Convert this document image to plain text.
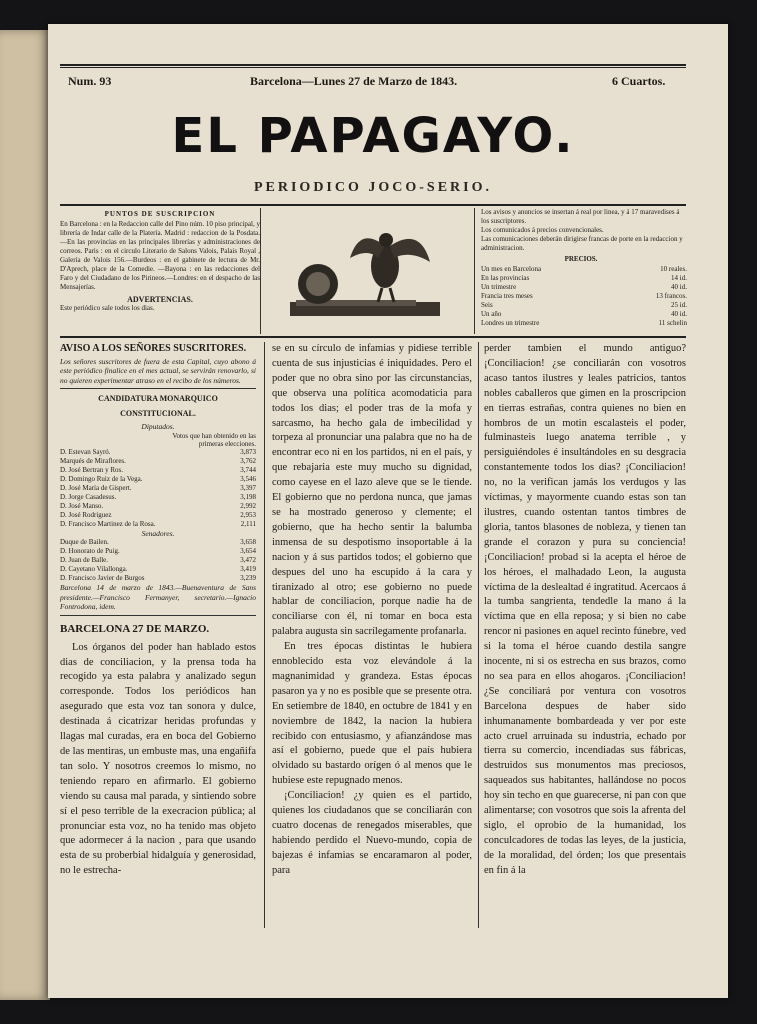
Num. 93	Barcelona—Lunes 27 de Marzo de 1843.	6 Cuartos.
EL PAPAGAYO.
PERIODICO JOCO-SERIO.
PUNTOS DE SUSCRIPCION

En Barcelona : en la Redaccion calle del Pino núm. 10 piso principal, y librería de Indar calle de la Platería. Madrid : redaccion de la Posdata.—En las provincias en las principales librerías y administraciones de correos. Paris : en el circulo Literario de Salons Valois, Palais Royal , Galería de Valois 156.—Burdeos : en el gabinete de lectura de Mr. D'Aprech, place de la Comedie. —Bayona : en las redacciones del Faro y del Ciudadano de los Pirineos.—Londres: en el despacho de las Mensajerías.

ADVERTENCIAS.

Este periódico sale todos los dias.

Los avisos y anuncios se insertan á real por linea, y á 17 maravedises á los suscriptores.

Los comunicados á precios convencionales.

Las comunicaciones deberán dirigirse francas de porte en la redaccion y administracion.

PRECIOS.
Un mes en Barcelona	10 reales.
En las provincias	14 id.
Un trimestre	40 id.
Francia tres meses	13 francos.
Seis	25 id.
Un año	40 id.
Londres un trimestre	11 schelin
AVISO A LOS SEÑORES SUSCRITORES.
Los señores suscritores de fuera de esta Capital, cuyo abono á este periódico finalice en el mes actual, se servirán renovarlo, si no quieren experimentar atraso en el recibo de los números.
CANDIDATURA MONARQUICO CONSTITUCIONAL.
Diputados.
Votos que han obtenido en las primeras elecciones.
D. Estevan Sayró.	3,873
Marqués de Miraflores.	3,762
D. José Bertran y Ros.	3,744
D. Domingo Ruiz de la Vega.	3,546
D. José María de Gispert.	3,397
D. Jorge Casadesus.	3,198
D. José Manso.	2,992
D. José Rodriguez	2,953
D. Francisco Martinez de la Rosa.	2,111
Senadores.
Duque de Bailen.	3,658
D. Honorato de Puig.	3,654
D. Juan de Balle.	3,472
D. Cayetano Vilallonga.	3,419
D. Francisco Javier de Burgos	3,239
Barcelona 14 de marzo de 1843.—Buenaventura de Sans presidente.—Francisco Fermanyer, secretario.—Ignacio Fontrodona, idem.
BARCELONA 27 DE MARZO.

Los órganos del poder han hablado estos dias de conciliacion, y la prensa toda ha recogido ya esta palabra y analizado segun corresponde. Todos los periódicos han asegurado que esta voz tan sonora y dulce, destinada á cicatrizar heridas profundas y llagas mal curadas, era en boca del Gobierno de las mentiras, un embuste mas, una engañifa tan solo. Y nosotros creemos lo mismo, no teniendo reparo en afirmarlo. El gobierno viendo su causa mal parada, y sintiendo sobre sí el peso terrible de la execracion pública; al pronunciar esta voz, no ha tenido mas objeto que adormecer á la nacion , para que usando esta de su proberbial hidalguía y generosidad, no le estrecha-

se en su círculo de infamias y pidiese terrible cuenta de sus injusticias é iniquidades. Pero el poder que no obra sino por las circunstancias, que observa una política acomodaticia para todos los dias; el poder tras de la mofa y sarcasmo, ha hecho gala de imbecilidad y torpeza al pronunciar una palabra que no ha de encontrar eco ni en los partidos, ni en el país, y que rebajaria este muy mucho su dignidad, como cayese en el lazo aleve que se le tiende. El gobierno que no perdona nunca, que jamas se ha mostrado generoso y clemente; el gobierno, que ha hecho sentir la balumba inmensa de su despotismo insoportable á la nacion y á sus partidos todos; el gobierno que despues del uno ha escupido á la cara y tiranizado al otro; ese gobierno no puede hablar de conciliacion, porque nadie ha de conciliarse con él, ni tomar en boca esta palabra augusta sin sacrílegamente profanarla.

En tres épocas distintas le hubiera ennoblecido esta voz elevándole á la magnanimidad y grandeza. Estas épocas pasaron ya y no es posible que se presente otra. En setiembre de 1840, en octubre de 1841 y en noviembre de 1842, la nacion la hubiera recibido con entusiasmo, y afianzándose mas así el gobierno, puede que el país hubiera olvidado su bastardo orígen ó al menos que le hubiese este repugnado menos.

¡Conciliacion! ¿y quien es el partido, quienes los ciudadanos que se conciliarán con cuatro docenas de renegados miserables, que habiendo perdido el Nuevo-mundo, copia de bajezas é infamias se encaramaron al poder, para

perder tambien el mundo antiguo? ¡Conciliacion! ¿se conciliarán con vosotros acaso tantos ilustres y leales patricios, tantos nobles caballeros que gimen en la proscripcion en tierras estrañas, contra quienes no bien en hombros de un motin escalasteis el poder, fulminasteis luego anatema terrible , y persiguiéndoles é insultándoles en su desgracia constantemente todos los dias? ¡Conciliacion! no, no la verifican jamás los verdugos y las víctimas, y mayormente cuando estas son tan ilustres, cuando ostentan tantos timbres de gloria, tantos blasones de nobleza, y tienen tan grande el corazon y pura su conciencia! ¡Conciliacion! probad si la acepta el héroe de los héroes, el malhadado Leon, la augusta víctima de la deslealtad é ingratitud. Acercaos á la tumba sangrienta, tendedle la mano á la víctima que en ella reposa; y si bien no cabe rencor ni pasiones en aquel recinto fúnebre, ved si la toma el héroe cuando destila sangre inocente, ni si os estrecha en sus brazos, como no sea para en ellos ahogaros. ¡Conciliacion! ¿Se conciliará por ventura con vosotros Barcelona despues de haber sido inhumanamente bombardeada y ver por este acto cruel arruinada su industria, echado por tierra su comercio, incendiadas sus fábricas, destruidos sus monumentos mas preciosos, saqueados sus habitantes, hallándose no pocos hoy sin techo en que guarecerse, ni pan con que alimentarse; con vosotros que sois la afrenta del siglo, el oprobio de la humanidad, los conculcadores de todas las leyes, de la justicia, de la moralidad, del órden; los que presentais en fin á la
